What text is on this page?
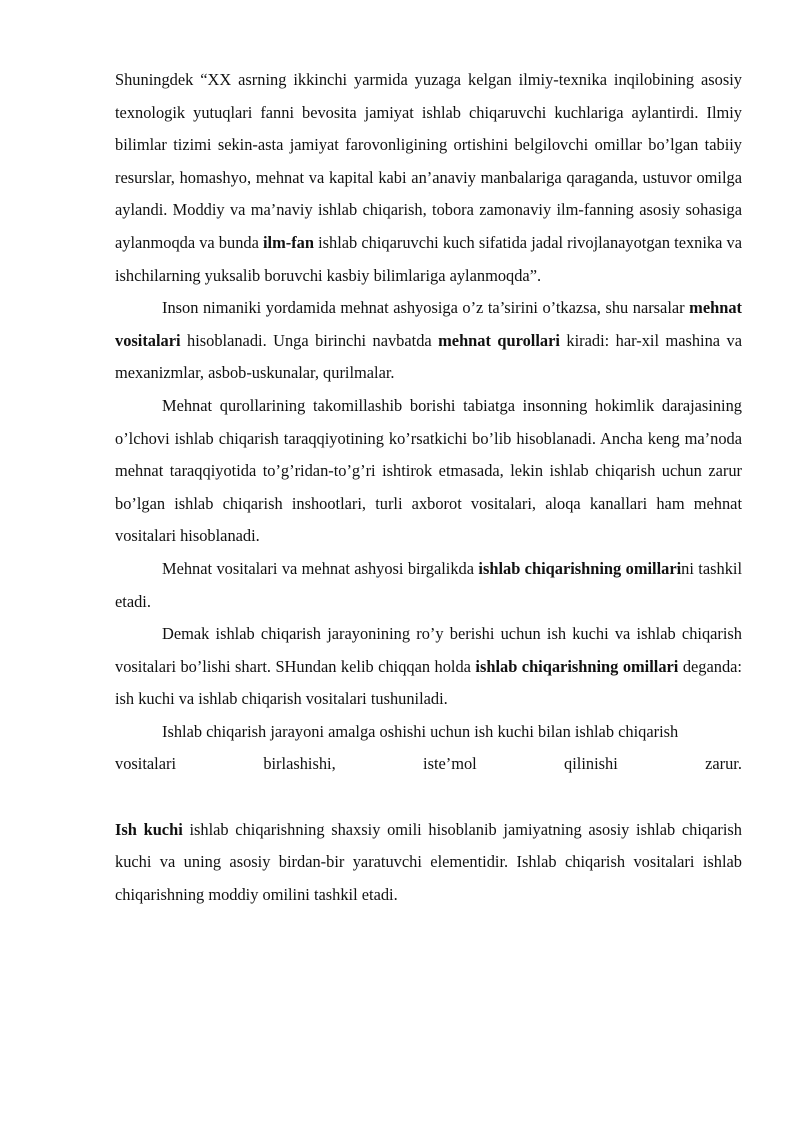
Shuningdek “XX asrning ikkinchi yarmida yuzaga kelgan ilmiy-texnika inqilobining asosiy texnologik yutuqlari fanni bevosita jamiyat ishlab chiqaruvchi kuchlariga aylantirdi. Ilmiy bilimlar tizimi sekin-asta jamiyat farovonligining ortishini belgilovchi omillar bo’lgan tabiiy resurslar, homashyo, mehnat va kapital kabi an’anaviy manbalariga qaraganda, ustuvor omilga aylandi. Moddiy va ma’naviy ishlab chiqarish, tobora zamonaviy ilm-fanning asosiy sohasiga aylanmoqda va bunda ilm-fan ishlab chiqaruvchi kuch sifatida jadal rivojlanayotgan texnika va ishchilarning yuksalib boruvchi kasbiy bilimlariga aylanmoqda”.

Inson nimaniki yordamida mehnat ashyosiga o’z ta’sirini o’tkazsa, shu narsalar mehnat vositalari hisoblanadi. Unga birinchi navbatda mehnat qurollari kiradi: har-xil mashina va mexanizmlar, asbob-uskunalar, qurilmalar.

Mehnat qurollarining takomillashib borishi tabiatga insonning hokimlik darajasining o’lchovi ishlab chiqarish taraqqiyotining ko’rsatkichi bo’lib hisoblanadi. Ancha keng ma’noda mehnat taraqqiyotida to’g’ridan-to’g’ri ishtirok etmasada, lekin ishlab chiqarish uchun zarur bo’lgan ishlab chiqarish inshootlari, turli axborot vositalari, aloqa kanallari ham mehnat vositalari hisoblanadi.

Mehnat vositalari va mehnat ashyosi birgalikda ishlab chiqarishning omillarini tashkil etadi.

Demak ishlab chiqarish jarayonining ro’y berishi uchun ish kuchi va ishlab chiqarish vositalari bo’lishi shart. SHundan kelib chiqqan holda ishlab chiqarishning omillari deganda: ish kuchi va ishlab chiqarish vositalari tushuniladi.

Ishlab chiqarish jarayoni amalga oshishi uchun ish kuchi bilan ishlab chiqarish

vositalari	birlashishi,	iste’mol	qilinishi	zarur.

Ish kuchi ishlab chiqarishning shaxsiy omili hisoblanib jamiyatning asosiy ishlab chiqarish kuchi va uning asosiy birdan-bir yaratuvchi elementidir. Ishlab chiqarish vositalari ishlab chiqarishning moddiy omilini tashkil etadi.
